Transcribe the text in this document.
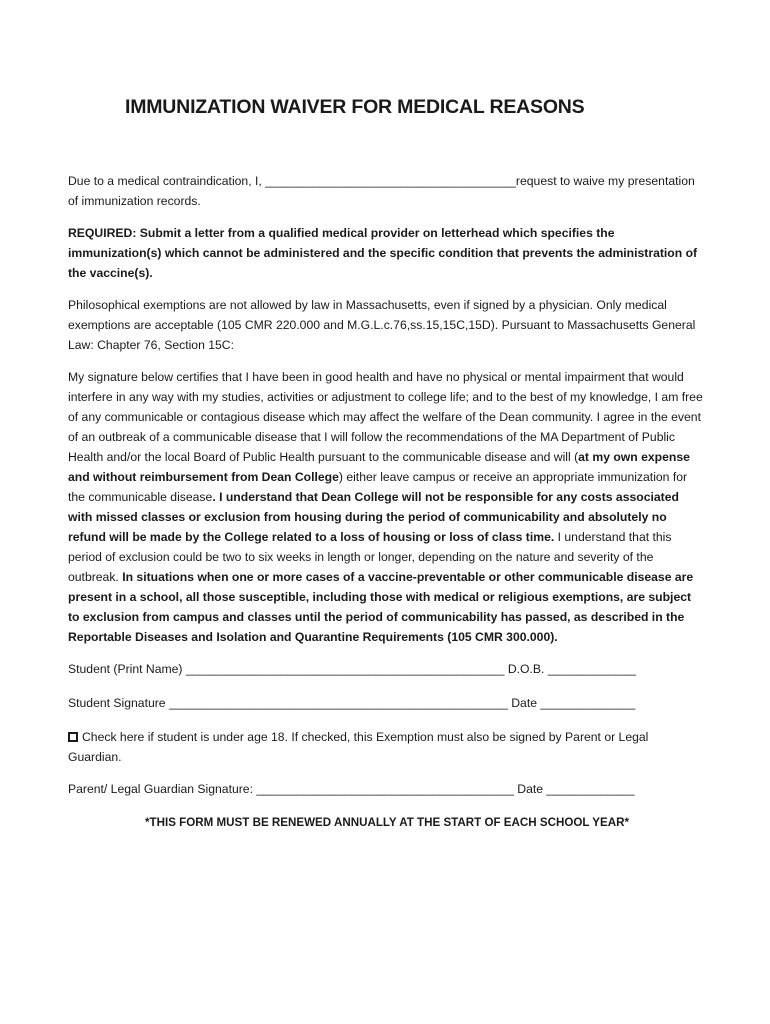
IMMUNIZATION WAIVER FOR MEDICAL REASONS

Due to a medical contraindication, I, _____________________________________request to waive my presentation of immunization records.

REQUIRED: Submit a letter from a qualified medical provider on letterhead which specifies the immunization(s) which cannot be administered and the specific condition that prevents the administration of the vaccine(s).

Philosophical exemptions are not allowed by law in Massachusetts, even if signed by a physician. Only medical exemptions are acceptable (105 CMR 220.000 and M.G.L.c.76,ss.15,15C,15D). Pursuant to Massachusetts General Law: Chapter 76, Section 15C:

My signature below certifies that I have been in good health and have no physical or mental impairment that would interfere in any way with my studies, activities or adjustment to college life; and to the best of my knowledge, I am free of any communicable or contagious disease which may affect the welfare of the Dean community. I agree in the event of an outbreak of a communicable disease that I will follow the recommendations of the MA Department of Public Health and/or the local Board of Public Health pursuant to the communicable disease and will (at my own expense and without reimbursement from Dean College) either leave campus or receive an appropriate immunization for the communicable disease. I understand that Dean College will not be responsible for any costs associated with missed classes or exclusion from housing during the period of communicability and absolutely no refund will be made by the College related to a loss of housing or loss of class time. I understand that this period of exclusion could be two to six weeks in length or longer, depending on the nature and severity of the outbreak. In situations when one or more cases of a vaccine-preventable or other communicable disease are present in a school, all those susceptible, including those with medical or religious exemptions, are subject to exclusion from campus and classes until the period of communicability has passed, as described in the Reportable Diseases and Isolation and Quarantine Requirements (105 CMR 300.000).

Student (Print Name) _______________________________________________ D.O.B. _____________
Student Signature __________________________________________________ Date ______________
Check here if student is under age 18. If checked, this Exemption must also be signed by Parent or Legal Guardian.
Parent/ Legal Guardian Signature: ______________________________________ Date _____________
*THIS FORM MUST BE RENEWED ANNUALLY AT THE START OF EACH SCHOOL YEAR*
